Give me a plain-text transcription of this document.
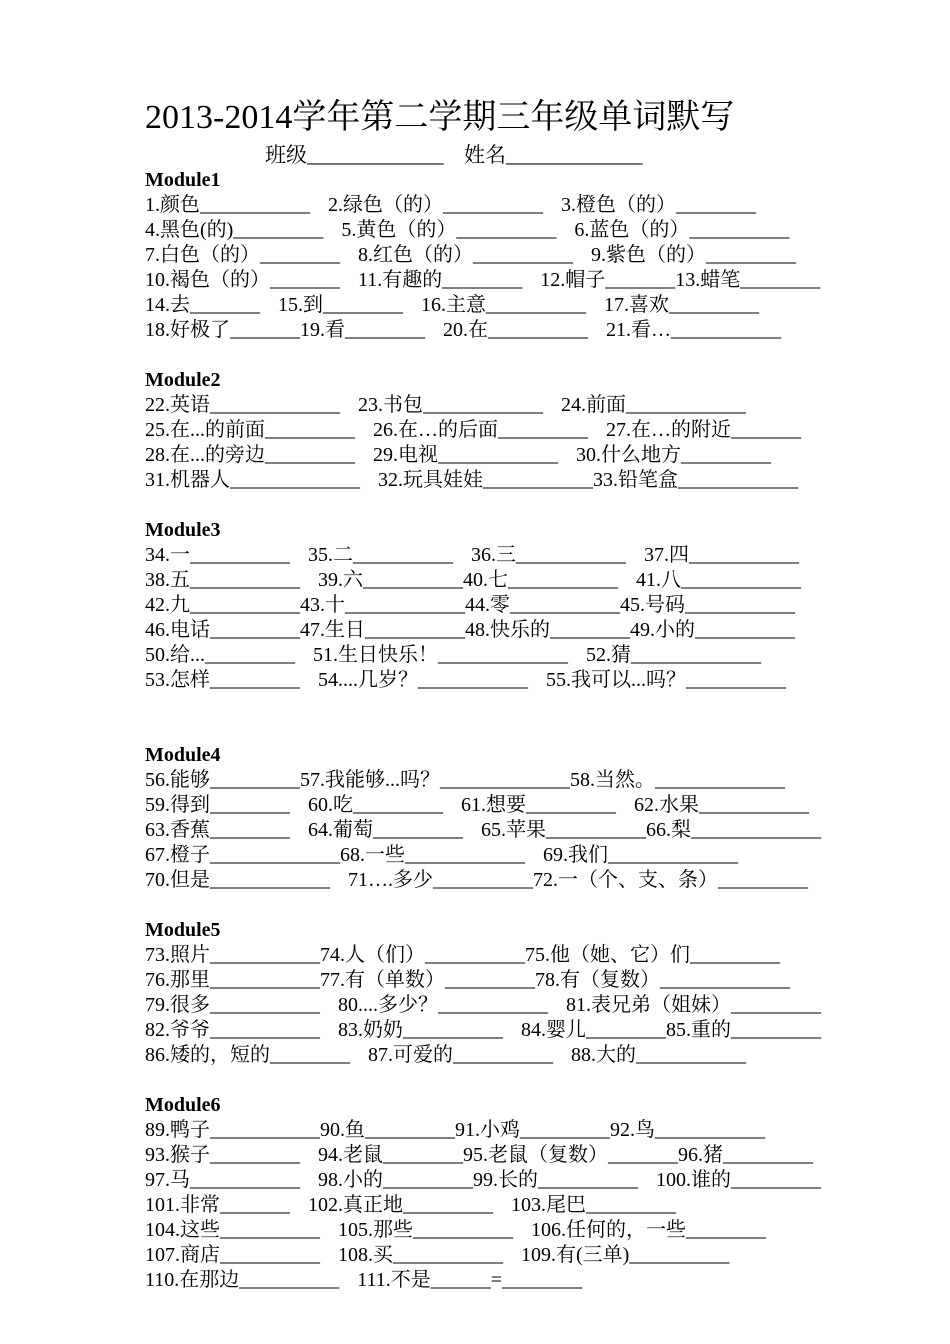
2013-2014学年第二学期三年级单词默写
班级_____________ 姓名_____________
Module1
1.颜色___________ 2.绿色（的）__________ 3.橙色（的）________
4.黑色(的)_________ 5.黄色（的）__________ 6.蓝色（的）__________
7.白色（的）________ 8.红色（的）__________ 9.紫色（的）_________
10.褐色（的）_______ 11.有趣的________ 12.帽子_______13.蜡笔________
14.去_______ 15.到________ 16.主意__________ 17.喜欢_________
18.好极了_______19.看________ 20.在__________ 21.看…___________
Module2
22.英语_____________ 23.书包____________ 24.前面____________
25.在...的前面_________ 26.在…的后面_________ 27.在…的附近_______
28.在...的旁边_________ 29.电视____________ 30.什么地方_________
31.机器人_____________ 32.玩具娃娃___________33.铅笔盒____________
Module3
34.一__________ 35.二__________ 36.三___________ 37.四___________
38.五___________ 39.六__________40.七___________ 41.八____________
42.九___________43.十____________44.零___________45.号码___________
46.电话_________47.生日__________48.快乐的________49.小的__________
50.给..._________ 51.生日快乐！_____________ 52.猜_____________
53.怎样_________ 54....几岁？___________ 55.我可以...吗？__________
Module4
56.能够_________57.我能够...吗？_____________58.当然。_____________
59.得到________ 60.吃_________ 61.想要_________ 62.水果___________
63.香蕉________ 64.葡萄_________ 65.苹果__________66.梨_____________
67.橙子_____________68.一些____________ 69.我们_____________
70.但是____________ 71….多少__________72.一（个、支、条）_________
Module5
73.照片___________74.人（们）__________75.他（她、它）们_________
76.那里___________77.有（单数）_________78.有（复数）_____________
79.很多___________ 80....多少？___________ 81.表兄弟（姐妹）_________
82.爷爷___________ 83.奶奶__________ 84.婴儿________85.重的_________
86.矮的，短的________ 87.可爱的__________ 88.大的___________
Module6
89.鸭子___________90.鱼_________91.小鸡_________92.鸟___________
93.猴子_________ 94.老鼠________95.老鼠（复数）_______96.猪_________
97.马___________ 98.小的_________99.长的__________ 100.谁的_________
101.非常_______ 102.真正地_________ 103.尾巴_________
104.这些__________ 105.那些__________ 106.任何的，一些________
107.商店__________ 108.买___________ 109.有(三单)__________
110.在那边__________ 111.不是______=________
